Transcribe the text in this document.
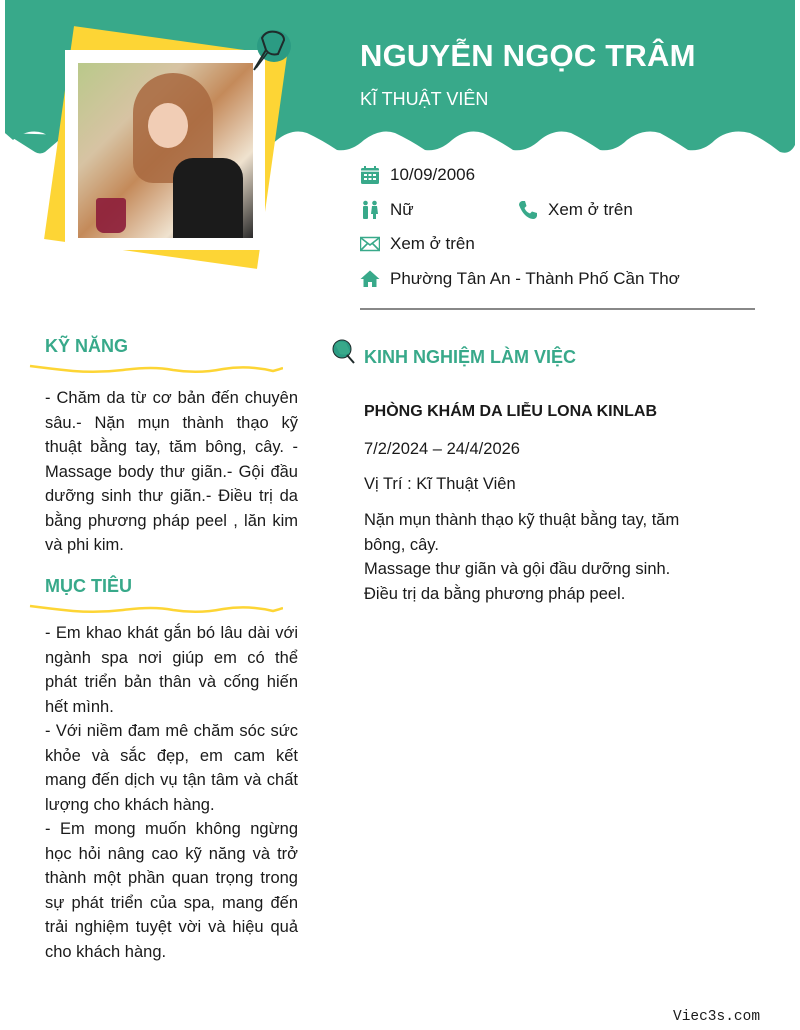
NGUYỄN NGỌC TRÂM
KĨ THUẬT VIÊN
10/09/2006
Nữ	Xem ở trên
Xem ở trên
Phường Tân An - Thành Phố Cần Thơ
KỸ NĂNG
- Chăm da từ cơ bản đến chuyên sâu.- Nặn mụn thành thạo kỹ thuật bằng tay, tăm bông, cây. - Massage body thư giãn.- Gội đầu dưỡng sinh thư giãn.- Điều trị da bằng phương pháp peel , lăn kim và phi kim.
MỤC TIÊU

- Em khao khát gắn bó lâu dài với ngành spa nơi giúp em có thể phát triển bản thân và cống hiến hết mình.

- Với niềm đam mê chăm sóc sức khỏe và sắc đẹp, em cam kết mang đến dịch vụ tận tâm và chất lượng cho khách hàng.

- Em mong muốn không ngừng học hỏi nâng cao kỹ năng và trở thành một phần quan trọng trong sự phát triển của spa, mang đến trải nghiệm tuyệt vời và hiệu quả cho khách hàng.

KINH NGHIỆM LÀM VIỆC
PHÒNG KHÁM DA LIỄU LONA KINLAB
7/2/2024 – 24/4/2026
Vị Trí : Kĩ Thuật Viên

Nặn mụn thành thạo kỹ thuật bằng tay, tăm bông, cây.

Massage thư giãn và gội đầu dưỡng sinh.

Điều trị da bằng phương pháp peel.

Viec3s.com
